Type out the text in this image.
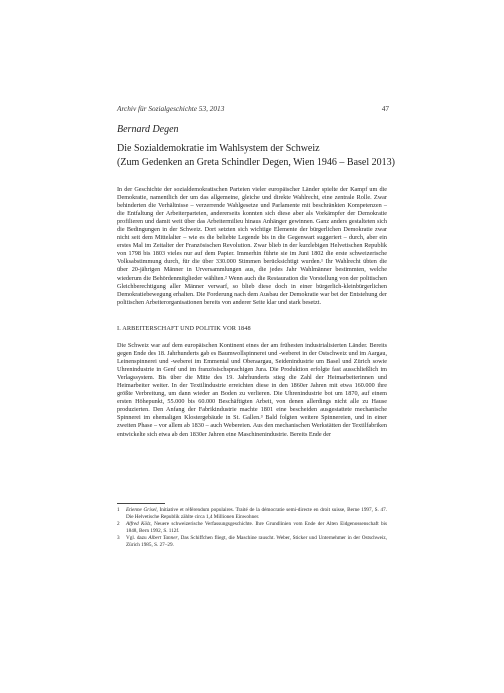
Archiv für Sozialgeschichte 53, 2013	47
Bernard Degen
Die Sozialdemokratie im Wahlsystem der Schweiz
(Zum Gedenken an Greta Schindler Degen, Wien 1946 – Basel 2013)

In der Geschichte der sozialdemokratischen Parteien vieler europäischer Länder spielte der Kampf um die Demokratie, namentlich der um das allgemeine, gleiche und direkte Wahlrecht, eine zentrale Rolle. Zwar behinderten die Verhältnisse – verzerrende Wahlgesetze und Parlamente mit beschränkten Kompetenzen – die Entfaltung der Arbeiterparteien, andererseits konnten sich diese aber als Vorkämpfer der Demokratie profilieren und damit weit über das Arbeitermilieu hinaus Anhänger gewinnen. Ganz anders gestalteten sich die Bedingungen in der Schweiz. Dort setzten sich wichtige Elemente der bürgerlichen Demokratie zwar nicht seit dem Mittelalter – wie es die beliebte Legende bis in die Gegenwart suggeriert – durch, aber ein erstes Mal im Zeitalter der Französischen Revolution. Zwar blieb in der kurzlebigen Helvetischen Republik von 1798 bis 1803 vieles nur auf dem Papier. Immerhin führte sie im Juni 1802 die erste schweizerische Volksabstimmung durch, für die über 330.000 Stimmen berücksichtigt wurden.¹ Ihr Wahlrecht übten die über 20-jährigen Männer in Urversammlungen aus, die jedes Jahr Wahlmänner bestimmten, welche wiederum die Behördenmitglieder wählten.² Wenn auch die Restauration die Vorstellung von der politischen Gleichberechtigung aller Männer verwarf, so blieb diese doch in einer bürgerlich-kleinbürgerlichen Demokratiebewegung erhalten. Die Forderung nach dem Ausbau der Demokratie war bei der Entstehung der politischen Arbeiterorganisationen bereits von anderer Seite klar und stark besetzt.

I. ARBEITERSCHAFT UND POLITIK VOR 1848

Die Schweiz war auf dem europäischen Kontinent eines der am frühesten industrialisierten Länder. Bereits gegen Ende des 18. Jahrhunderts gab es Baumwollspinnerei und -weberei in der Ostschweiz und im Aargau, Leinenspinnerei und -weberei im Emmental und Oberaargau, Seidenindustrie um Basel und Zürich sowie Uhrenindustrie in Genf und im französischsprachigen Jura. Die Produktion erfolgte fast ausschließlich im Verlagssystem. Bis über die Mitte des 19. Jahrhunderts stieg die Zahl der Heimarbeiterinnen und Heimarbeiter weiter. In der Textilindustrie erreichten diese in den 1860er Jahren mit etwa 160.000 ihre größte Verbreitung, um dann wieder an Boden zu verlieren. Die Uhrenindustrie bot um 1870, auf einem ersten Höhepunkt, 55.000 bis 60.000 Beschäftigten Arbeit, von denen allerdings nicht alle zu Hause produzierten. Den Anfang der Fabrikindustrie machte 1801 eine bescheiden ausgestattete mechanische Spinnerei im ehemaligen Klostergebäude in St. Gallen.³ Bald folgten weitere Spinnereien, und in einer zweiten Phase – vor allem ab 1830 – auch Webereien. Aus den mechanischen Werkstätten der Textilfabriken entwickelte sich etwa ab den 1830er Jahren eine Maschinenindustrie. Bereits Ende der

1	Etienne Grisel, Initiative et référendum populaires. Traité de la démocratie semi-directe en droit suisse, Berne 1997, S. 47. Die Helvetische Republik zählte circa 1,4 Millionen Einwohner.
2	Alfred Kölz, Neuere schweizerische Verfassungsgeschichte. Ihre Grundlinien vom Ende der Alten Eidgenossenschaft bis 1848, Bern 1992, S. 112f.
3	Vgl. dazu Albert Tanner, Das Schiffchen fliegt, die Maschine rauscht. Weber, Sticker und Unternehmer in der Ostschweiz, Zürich 1985, S. 27–29.
